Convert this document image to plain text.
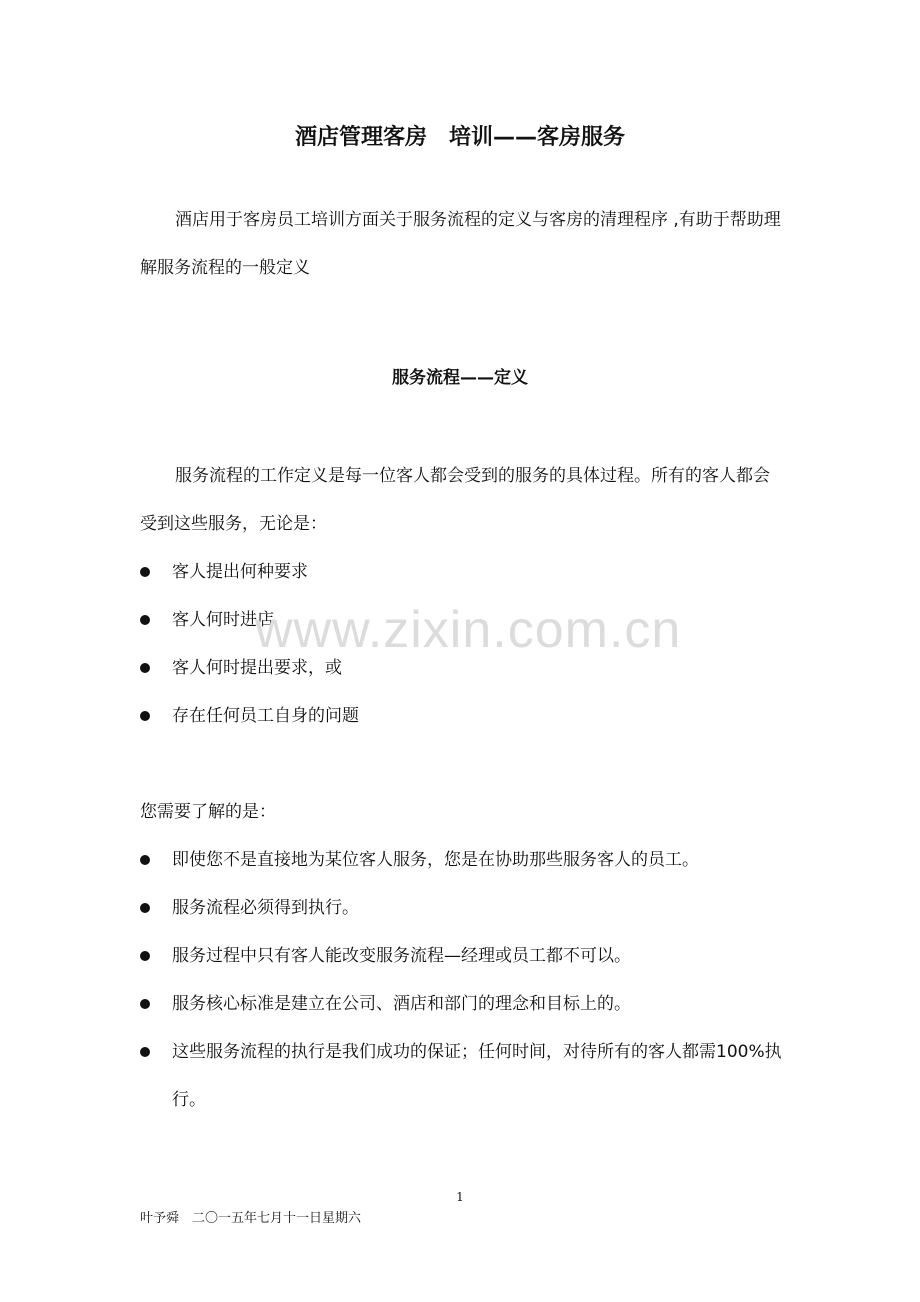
酒店管理客房　培训——客房服务
酒店用于客房员工培训方面关于服务流程的定义与客房的清理程序 ,有助于帮助理解服务流程的一般定义
服务流程——定义
服务流程的工作定义是每一位客人都会受到的服务的具体过程。所有的客人都会受到这些服务，无论是：
客人提出何种要求
客人何时进店
客人何时提出要求，或
存在任何员工自身的问题
您需要了解的是：
即使您不是直接地为某位客人服务，您是在协助那些服务客人的员工。
服务流程必须得到执行。
服务过程中只有客人能改变服务流程—经理或员工都不可以。
服务核心标准是建立在公司、酒店和部门的理念和目标上的。
这些服务流程的执行是我们成功的保证；任何时间，对待所有的客人都需100%执行。
www.zixin.com.cn
1
叶予舜　二〇一五年七月十一日星期六
